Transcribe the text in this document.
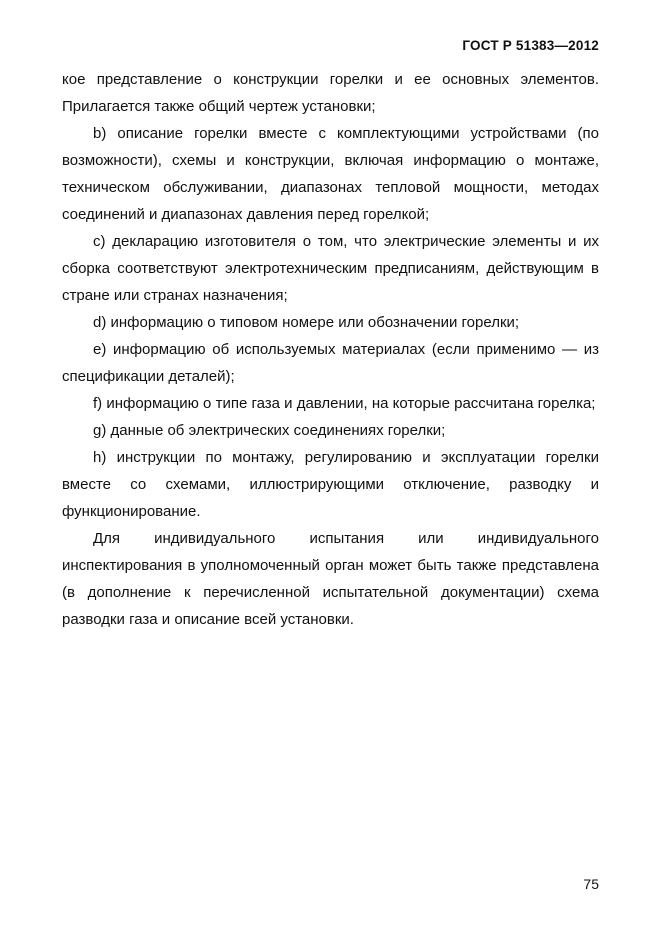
ГОСТ Р 51383—2012

кое представление о конструкции горелки и ее основных элементов. Прилагается также общий чертеж установки;

b) описание горелки вместе с комплектующими устройствами (по возможности), схемы и конструкции, включая информацию о монтаже, техническом обслуживании, диапазонах тепловой мощности, методах соединений и диапазонах давления перед горелкой;

c) декларацию изготовителя о том, что электрические элементы и их сборка соответствуют электротехническим предписаниям, действующим в стране или странах назначения;

d) информацию о типовом номере или обозначении горелки;

e) информацию об используемых материалах (если применимо — из спецификации деталей);

f) информацию о типе газа и давлении, на которые рассчитана горелка;

g) данные об электрических соединениях горелки;

h) инструкции по монтажу, регулированию и эксплуатации горелки вместе со схемами, иллюстрирующими отключение, разводку и функционирование.

Для индивидуального испытания или индивидуального инспектирования в уполномоченный орган может быть также представлена (в дополнение к перечисленной испытательной документации) схема разводки газа и описание всей установки.

75
